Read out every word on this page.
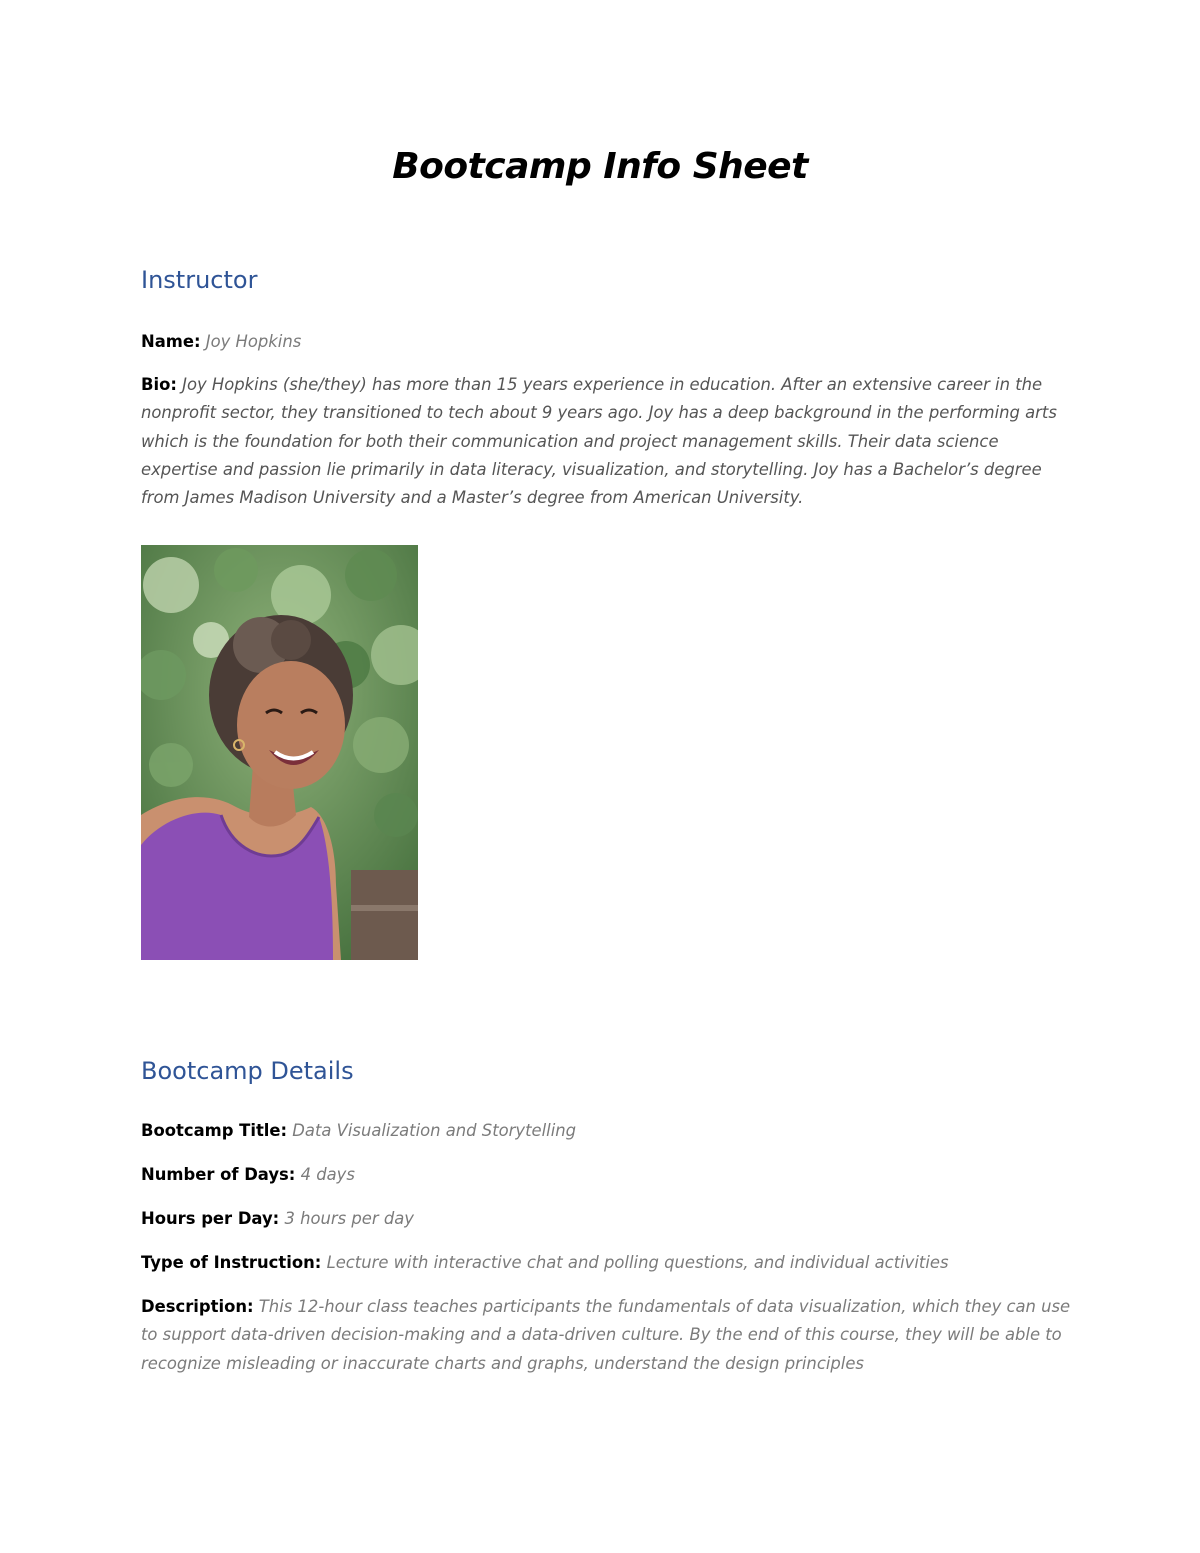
Bootcamp Info Sheet
Instructor

Name: Joy Hopkins

Bio: Joy Hopkins (she/they) has more than 15 years experience in education. After an extensive career in the nonprofit sector, they transitioned to tech about 9 years ago. Joy has a deep background in the performing arts which is the foundation for both their communication and project management skills. Their data science expertise and passion lie primarily in data literacy, visualization, and storytelling. Joy has a Bachelor’s degree from James Madison University and a Master’s degree from American University.

Bootcamp Details

Bootcamp Title: Data Visualization and Storytelling

Number of Days: 4 days

Hours per Day: 3 hours per day

Type of Instruction: Lecture with interactive chat and polling questions, and individual activities

Description: This 12-hour class teaches participants the fundamentals of data visualization, which they can use to support data-driven decision-making and a data-driven culture. By the end of this course, they will be able to recognize misleading or inaccurate charts and graphs, understand the design principles
